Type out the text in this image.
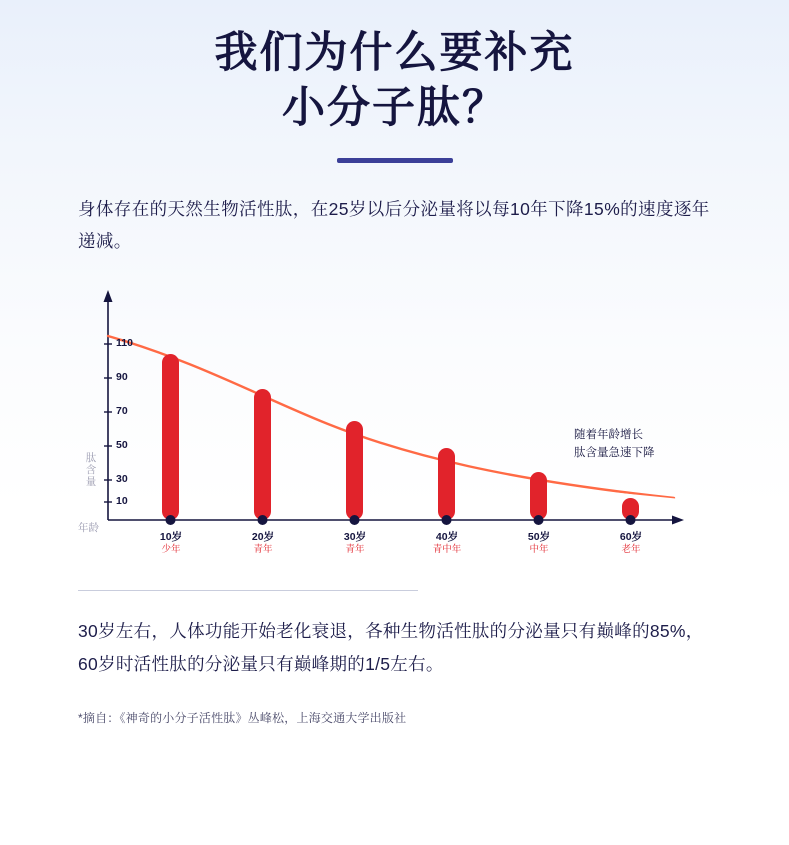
我们为什么要补充
小分子肽？
身体存在的天然生物活性肽，在25岁以后分泌量将以每10年下降15%的速度逐年递减。
110
90
70
50
30
10
肽含量
年龄
10岁
少年
20岁
青年
30岁
青年
40岁
青中年
50岁
中年
60岁
老年
随着年龄增长
肽含量急速下降
30岁左右，人体功能开始老化衰退，各种生物活性肽的分泌量只有巅峰的85%，60岁时活性肽的分泌量只有巅峰期的1/5左右。
*摘自：《神奇的小分子活性肽》丛峰松，上海交通大学出版社
